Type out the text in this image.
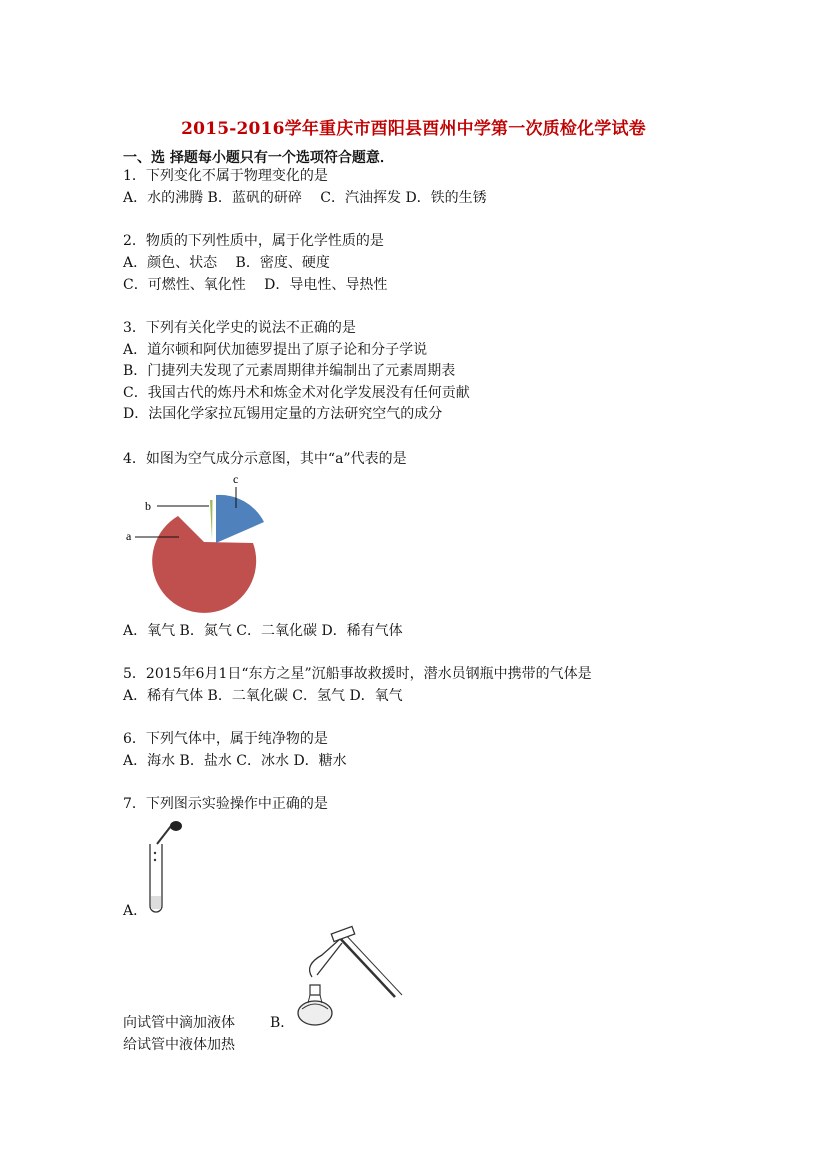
2015-2016学年重庆市酉阳县酉州中学第一次质检化学试卷
一、选 择题每小题只有一个选项符合题意．
1．下列变化不属于物理变化的是
A．水的沸腾 B．蓝矾的研碎　 C．汽油挥发 D．铁的生锈
2．物质的下列性质中，属于化学性质的是
A．颜色、状态　 B．密度、硬度
C．可燃性、氧化性　 D．导电性、导热性
3．下列有关化学史的说法不正确的是
A．道尔顿和阿伏加德罗提出了原子论和分子学说
B．门捷列夫发现了元素周期律并编制出了元素周期表
C．我国古代的炼丹术和炼金术对化学发展没有任何贡献
D．法国化学家拉瓦锡用定量的方法研究空气的成分
4．如图为空气成分示意图，其中“a”代表的是
a
b
c
A．氧气 B．氮气 C．二氧化碳 D．稀有气体
5．2015年6月1日“东方之星”沉船事故救援时，潜水员钢瓶中携带的气体是
A．稀有气体 B．二氧化碳 C．氢气 D．氧气
6．下列气体中，属于纯净物的是
A．海水 B．盐水 C．冰水 D．糖水
7．下列图示实验操作中正确的是
A．
向试管中滴加液体	B．
给试管中液体加热
